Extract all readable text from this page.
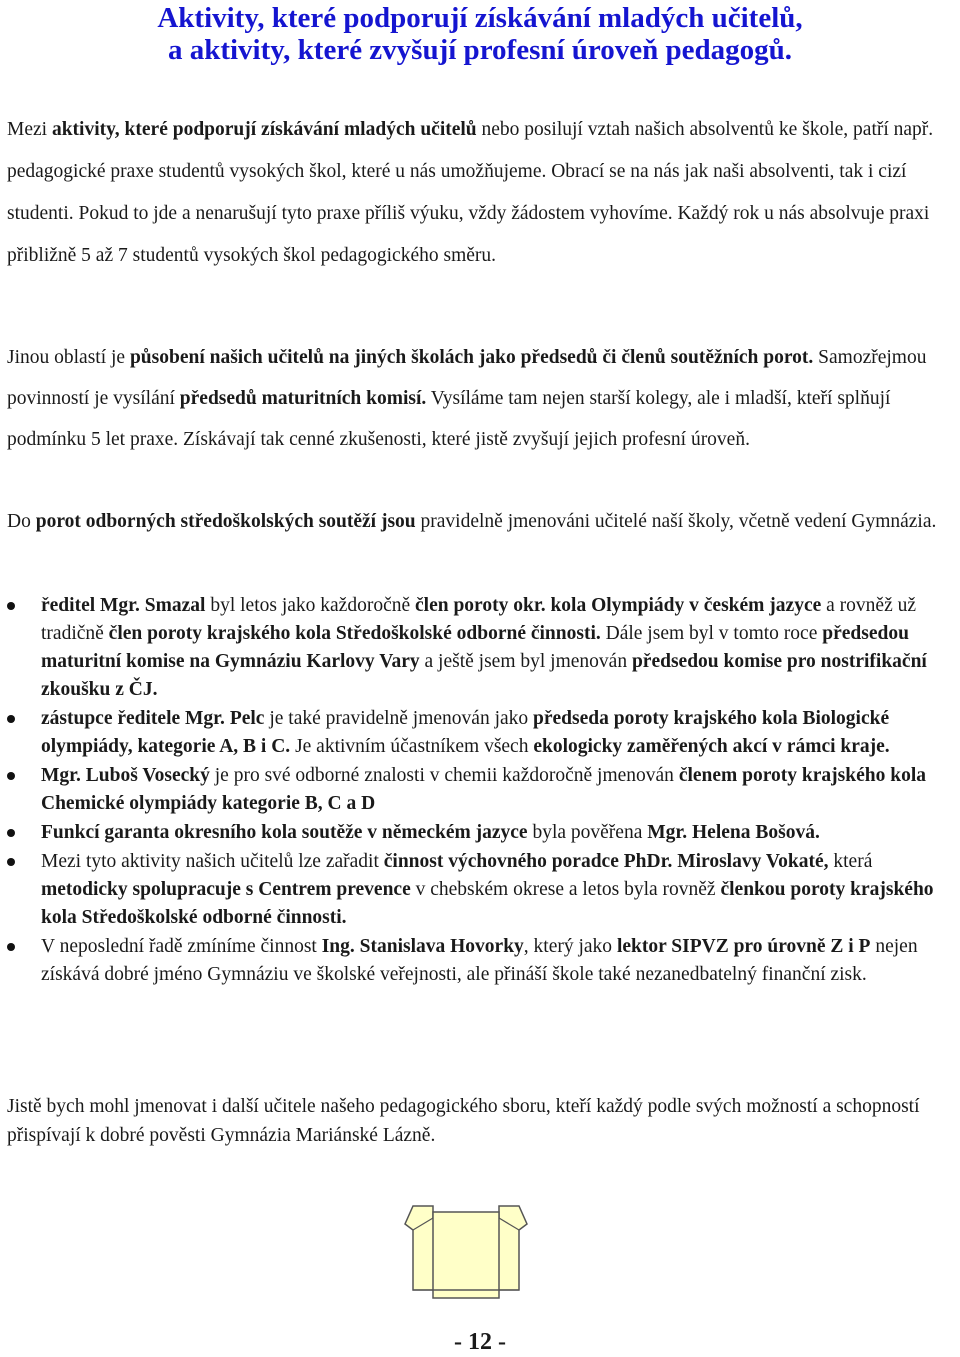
Aktivity, které podporují získávání mladých učitelů,
a aktivity, které zvyšují profesní úroveň pedagogů.

Mezi aktivity, které podporují získávání mladých učitelů nebo posilují vztah našich absolventů ke škole, patří např. pedagogické praxe studentů vysokých škol, které u nás umožňujeme. Obrací se na nás jak naši absolventi, tak i cizí studenti. Pokud to jde a nenarušují tyto praxe příliš výuku, vždy žádostem vyhovíme. Každý rok u nás absolvuje praxi přibližně 5 až 7 studentů vysokých škol pedagogického směru.

Jinou oblastí je působení našich učitelů na jiných školách jako předsedů či členů soutěžních porot. Samozřejmou povinností je vysílání předsedů maturitních komisí. Vysíláme tam nejen starší kolegy, ale i mladší, kteří splňují podmínku 5 let praxe. Získávají tak cenné zkušenosti, které jistě zvyšují jejich profesní úroveň.

Do porot odborných středoškolských soutěží jsou pravidelně jmenováni učitelé naší školy, včetně vedení Gymnázia.

ředitel Mgr. Smazal byl letos jako každoročně člen poroty okr. kola Olympiády v českém jazyce a rovněž už tradičně člen poroty krajského kola Středoškolské odborné činnosti. Dále jsem byl v tomto roce předsedou maturitní komise na Gymnáziu Karlovy Vary a ještě jsem byl jmenován předsedou komise pro nostrifikační zkoušku z ČJ.
zástupce ředitele Mgr. Pelc je také pravidelně jmenován jako předseda poroty krajského kola Biologické olympiády, kategorie A, B i C. Je aktivním účastníkem všech ekologicky zaměřených akcí v rámci kraje.
Mgr. Luboš Vosecký je pro své odborné znalosti v chemii každoročně jmenován členem poroty krajského kola Chemické olympiády kategorie B, C a D
Funkcí garanta okresního kola soutěže v německém jazyce byla pověřena Mgr. Helena Bošová.
Mezi tyto aktivity našich učitelů lze zařadit činnost výchovného poradce PhDr. Miroslavy Vokaté, která metodicky spolupracuje s Centrem prevence v chebském okrese a letos byla rovněž členkou poroty krajského kola Středoškolské odborné činnosti.
V neposlední řadě zmíníme činnost Ing. Stanislava Hovorky, který jako lektor SIPVZ pro úrovně Z i P nejen získává dobré jméno Gymnáziu ve školské veřejnosti, ale přináší škole také nezanedbatelný finanční zisk.

Jistě bych mohl jmenovat i další učitele našeho pedagogického sboru, kteří každý podle svých možností a schopností přispívají k dobré pověsti Gymnázia Mariánské Lázně.

- 12 -
